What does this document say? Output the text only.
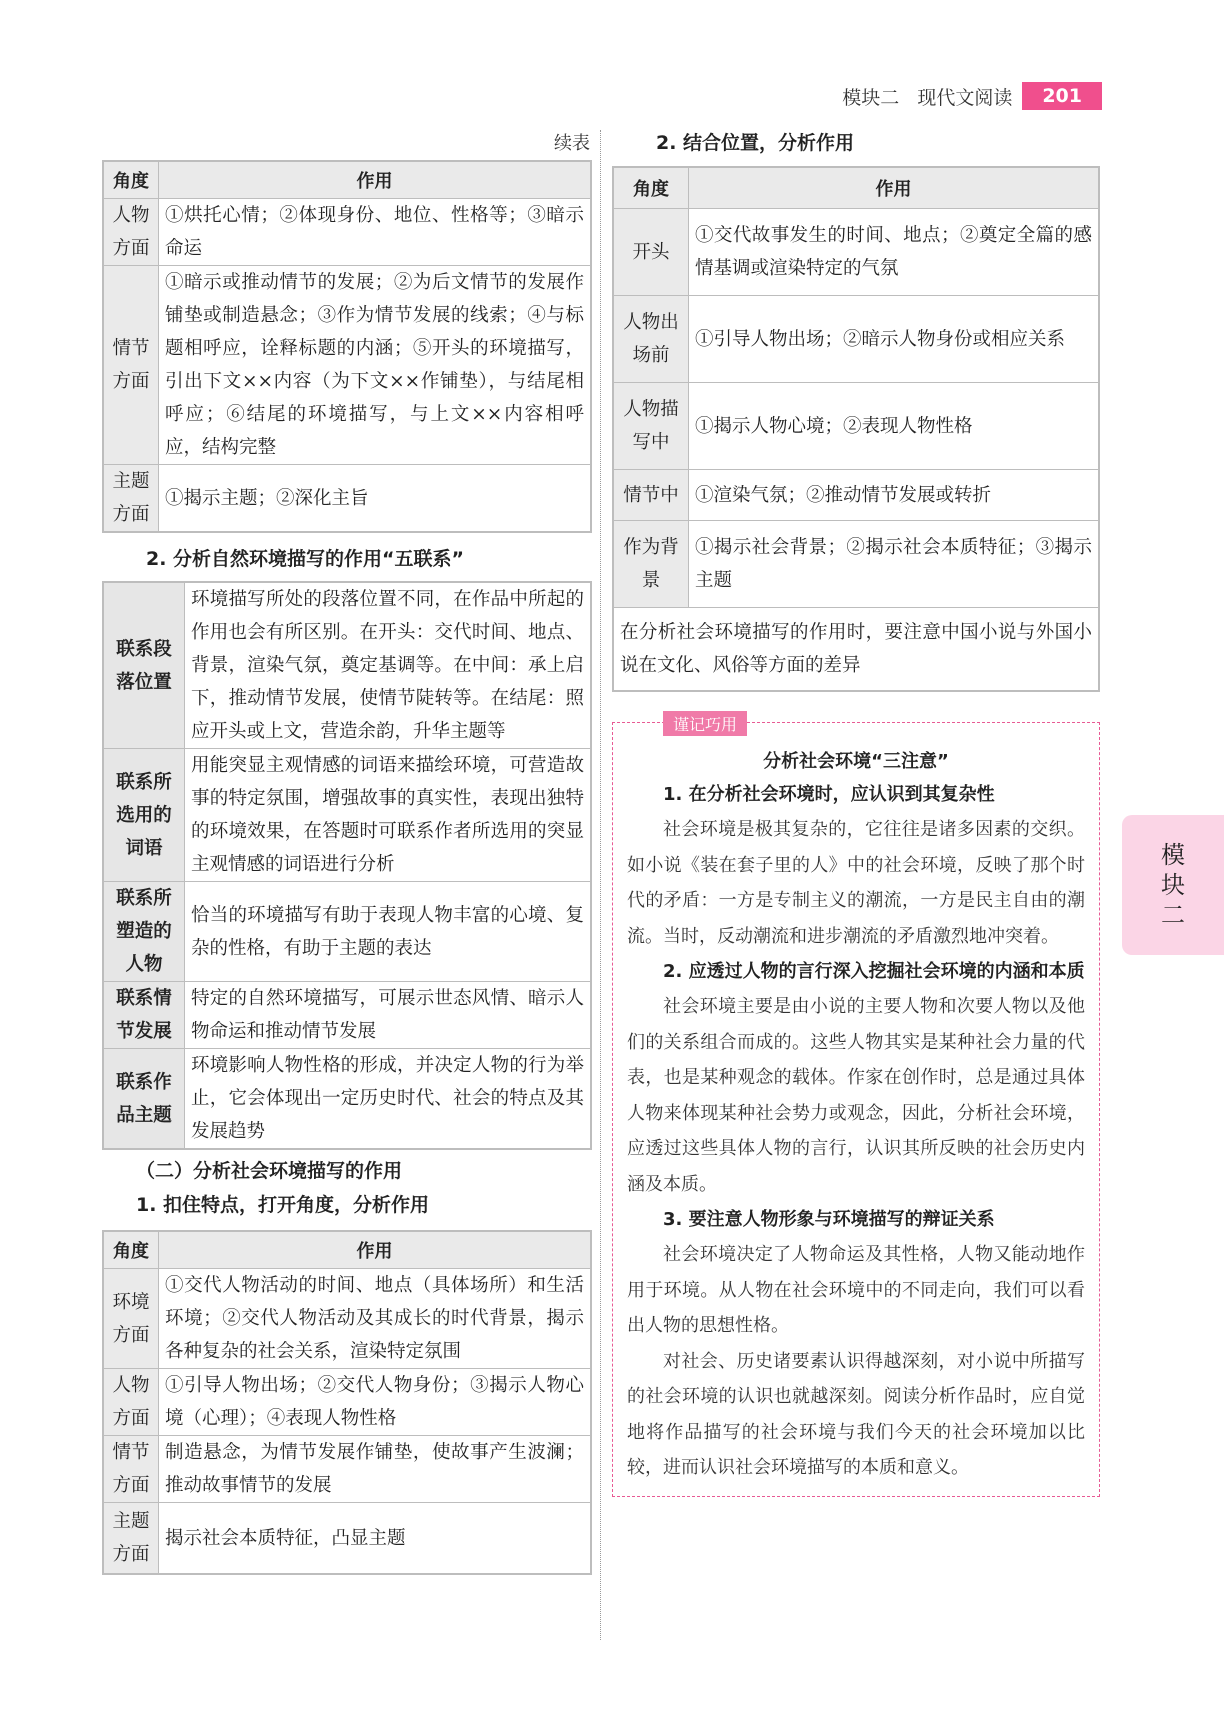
模块二 现代文阅读	201
模
块
二
续表
角度	作用
人物方面	①烘托心情；②体现身份、地位、性格等；③暗示命运
情节方面	①暗示或推动情节的发展；②为后文情节的发展作铺垫或制造悬念；③作为情节发展的线索；④与标题相呼应，诠释标题的内涵；⑤开头的环境描写，引出下文××内容（为下文××作铺垫），与结尾相呼应；⑥结尾的环境描写，与上文××内容相呼应，结构完整
主题方面	①揭示主题；②深化主旨
2. 分析自然环境描写的作用“五联系”
联系段落位置	环境描写所处的段落位置不同，在作品中所起的作用也会有所区别。在开头：交代时间、地点、背景，渲染气氛，奠定基调等。在中间：承上启下，推动情节发展，使情节陡转等。在结尾：照应开头或上文，营造余韵，升华主题等
联系所选用的词语	用能突显主观情感的词语来描绘环境，可营造故事的特定氛围，增强故事的真实性，表现出独特的环境效果，在答题时可联系作者所选用的突显主观情感的词语进行分析
联系所塑造的人物	恰当的环境描写有助于表现人物丰富的心境、复杂的性格，有助于主题的表达
联系情节发展	特定的自然环境描写，可展示世态风情、暗示人物命运和推动情节发展
联系作品主题	环境影响人物性格的形成，并决定人物的行为举止，它会体现出一定历史时代、社会的特点及其发展趋势
（二）分析社会环境描写的作用
1. 扣住特点，打开角度，分析作用
角度	作用
环境方面	①交代人物活动的时间、地点（具体场所）和生活环境；②交代人物活动及其成长的时代背景，揭示各种复杂的社会关系，渲染特定氛围
人物方面	①引导人物出场；②交代人物身份；③揭示人物心境（心理）；④表现人物性格
情节方面	制造悬念，为情节发展作铺垫，使故事产生波澜；推动故事情节的发展
主题方面	揭示社会本质特征，凸显主题
2. 结合位置，分析作用
角度	作用
开头	①交代故事发生的时间、地点；②奠定全篇的感情基调或渲染特定的气氛
人物出场前	①引导人物出场；②暗示人物身份或相应关系
人物描写中	①揭示人物心境；②表现人物性格
情节中	①渲染气氛；②推动情节发展或转折
作为背景	①揭示社会背景；②揭示社会本质特征；③揭示主题
在分析社会环境描写的作用时，要注意中国小说与外国小说在文化、风俗等方面的差异	
谨记巧用
分析社会环境“三注意”
1. 在分析社会环境时，应认识到其复杂性

社会环境是极其复杂的，它往往是诸多因素的交织。如小说《装在套子里的人》中的社会环境，反映了那个时代的矛盾：一方是专制主义的潮流，一方是民主自由的潮流。当时，反动潮流和进步潮流的矛盾激烈地冲突着。

2. 应透过人物的言行深入挖掘社会环境的内涵和本质

社会环境主要是由小说的主要人物和次要人物以及他们的关系组合而成的。这些人物其实是某种社会力量的代表，也是某种观念的载体。作家在创作时，总是通过具体人物来体现某种社会势力或观念，因此，分析社会环境，应透过这些具体人物的言行，认识其所反映的社会历史内涵及本质。

3. 要注意人物形象与环境描写的辩证关系

社会环境决定了人物命运及其性格，人物又能动地作用于环境。从人物在社会环境中的不同走向，我们可以看出人物的思想性格。

对社会、历史诸要素认识得越深刻，对小说中所描写的社会环境的认识也就越深刻。阅读分析作品时，应自觉地将作品描写的社会环境与我们今天的社会环境加以比较，进而认识社会环境描写的本质和意义。
